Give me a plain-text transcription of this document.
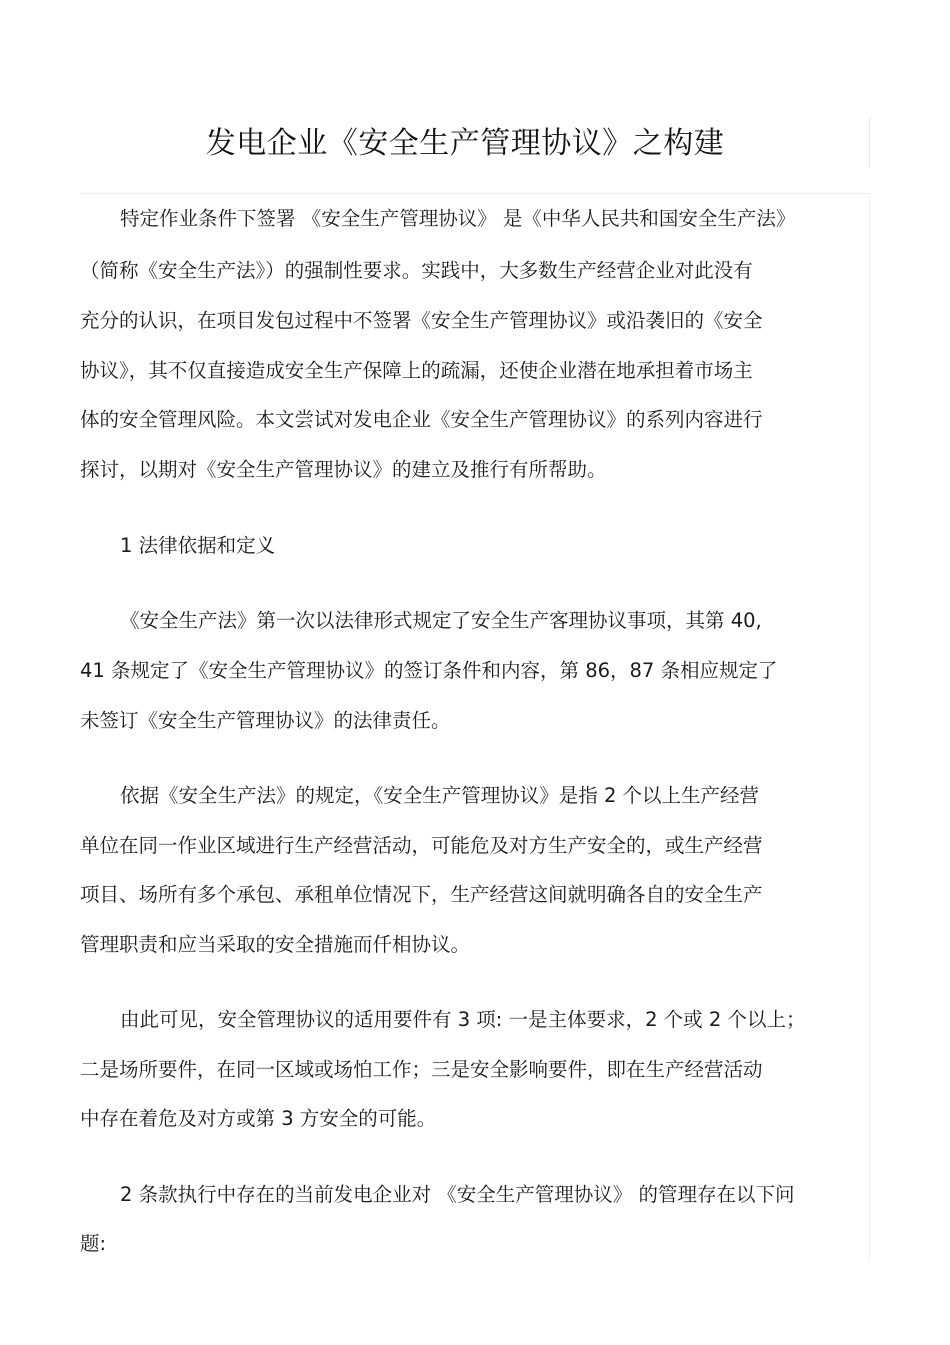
发电企业《安全生产管理协议》之构建
特定作业条件下签署 《安全生产管理协议》 是《中华人民共和国安全生产法》
（简称《安全生产法》）的强制性要求。实践中，大多数生产经营企业对此没有
充分的认识，在项目发包过程中不签署《安全生产管理协议》或沿袭旧的《安全
协议》，其不仅直接造成安全生产保障上的疏漏，还使企业潜在地承担着市场主
体的安全管理风险。本文尝试对发电企业《安全生产管理协议》的系列内容进行
探讨，以期对《安全生产管理协议》的建立及推行有所帮助。
1 法律依据和定义
《安全生产法》第一次以法律形式规定了安全生产客理协议事项，其第 40,
41 条规定了《安全生产管理协议》的签订条件和内容，第 86，87 条相应规定了
未签订《安全生产管理协议》的法律责任。
依据《安全生产法》的规定，《安全生产管理协议》是指 2 个以上生产经营
单位在同一作业区域进行生产经营活动，可能危及对方生产安全的，或生产经营
项目、场所有多个承包、承租单位情况下，生产经营这间就明确各自的安全生产
管理职责和应当采取的安全措施而仟相协议。
由此可见，安全管理协议的适用要件有 3 项: 一是主体要求，2 个或 2 个以上；
二是场所要件，在同一区域或场怕工作；三是安全影响要件，即在生产经营活动
中存在着危及对方或第 3 方安全的可能。
2 条款执行中存在的当前发电企业对 《安全生产管理协议》 的管理存在以下问
题:
